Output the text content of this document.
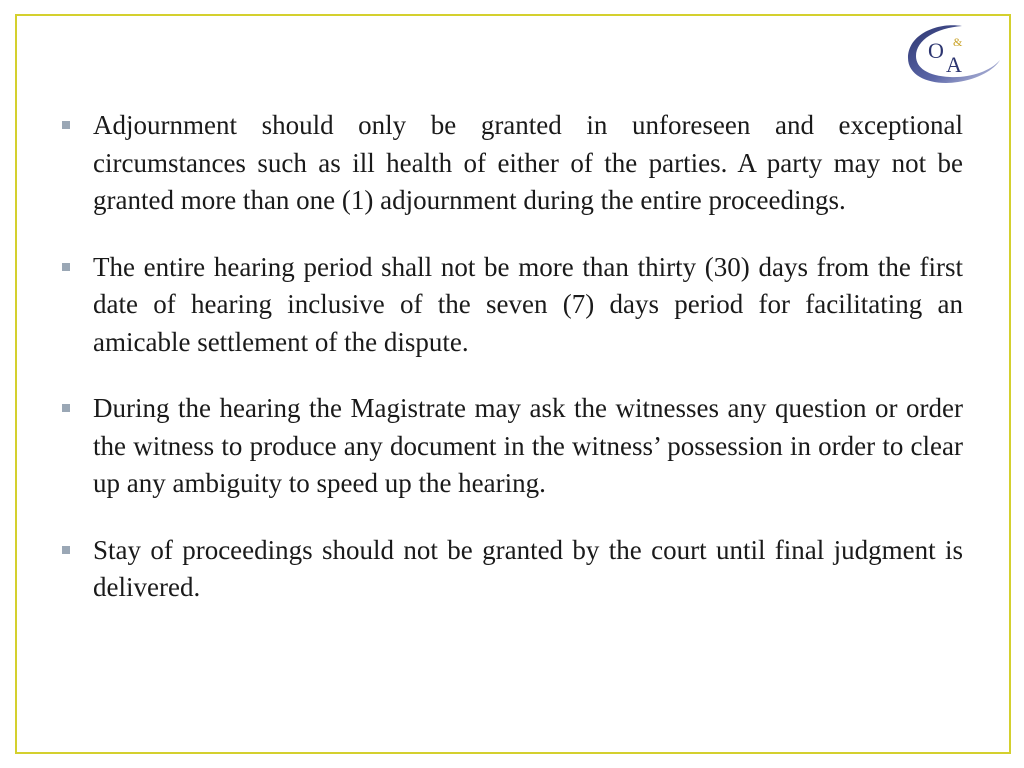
O &
A
Adjournment should only be granted in unforeseen and exceptional circumstances such as ill health of either of the parties. A party may not be granted more than one (1) adjournment during the entire proceedings.
The entire hearing period shall not be more than thirty (30) days from the first date of hearing inclusive of the seven (7) days period for facilitating an amicable settlement of the dispute.
During the hearing the Magistrate may ask the witnesses any question or order the witness to produce any document in the witness’ possession in order to clear up any ambiguity to speed up the hearing.
Stay of proceedings should not be granted by the court until final judgment is delivered.
